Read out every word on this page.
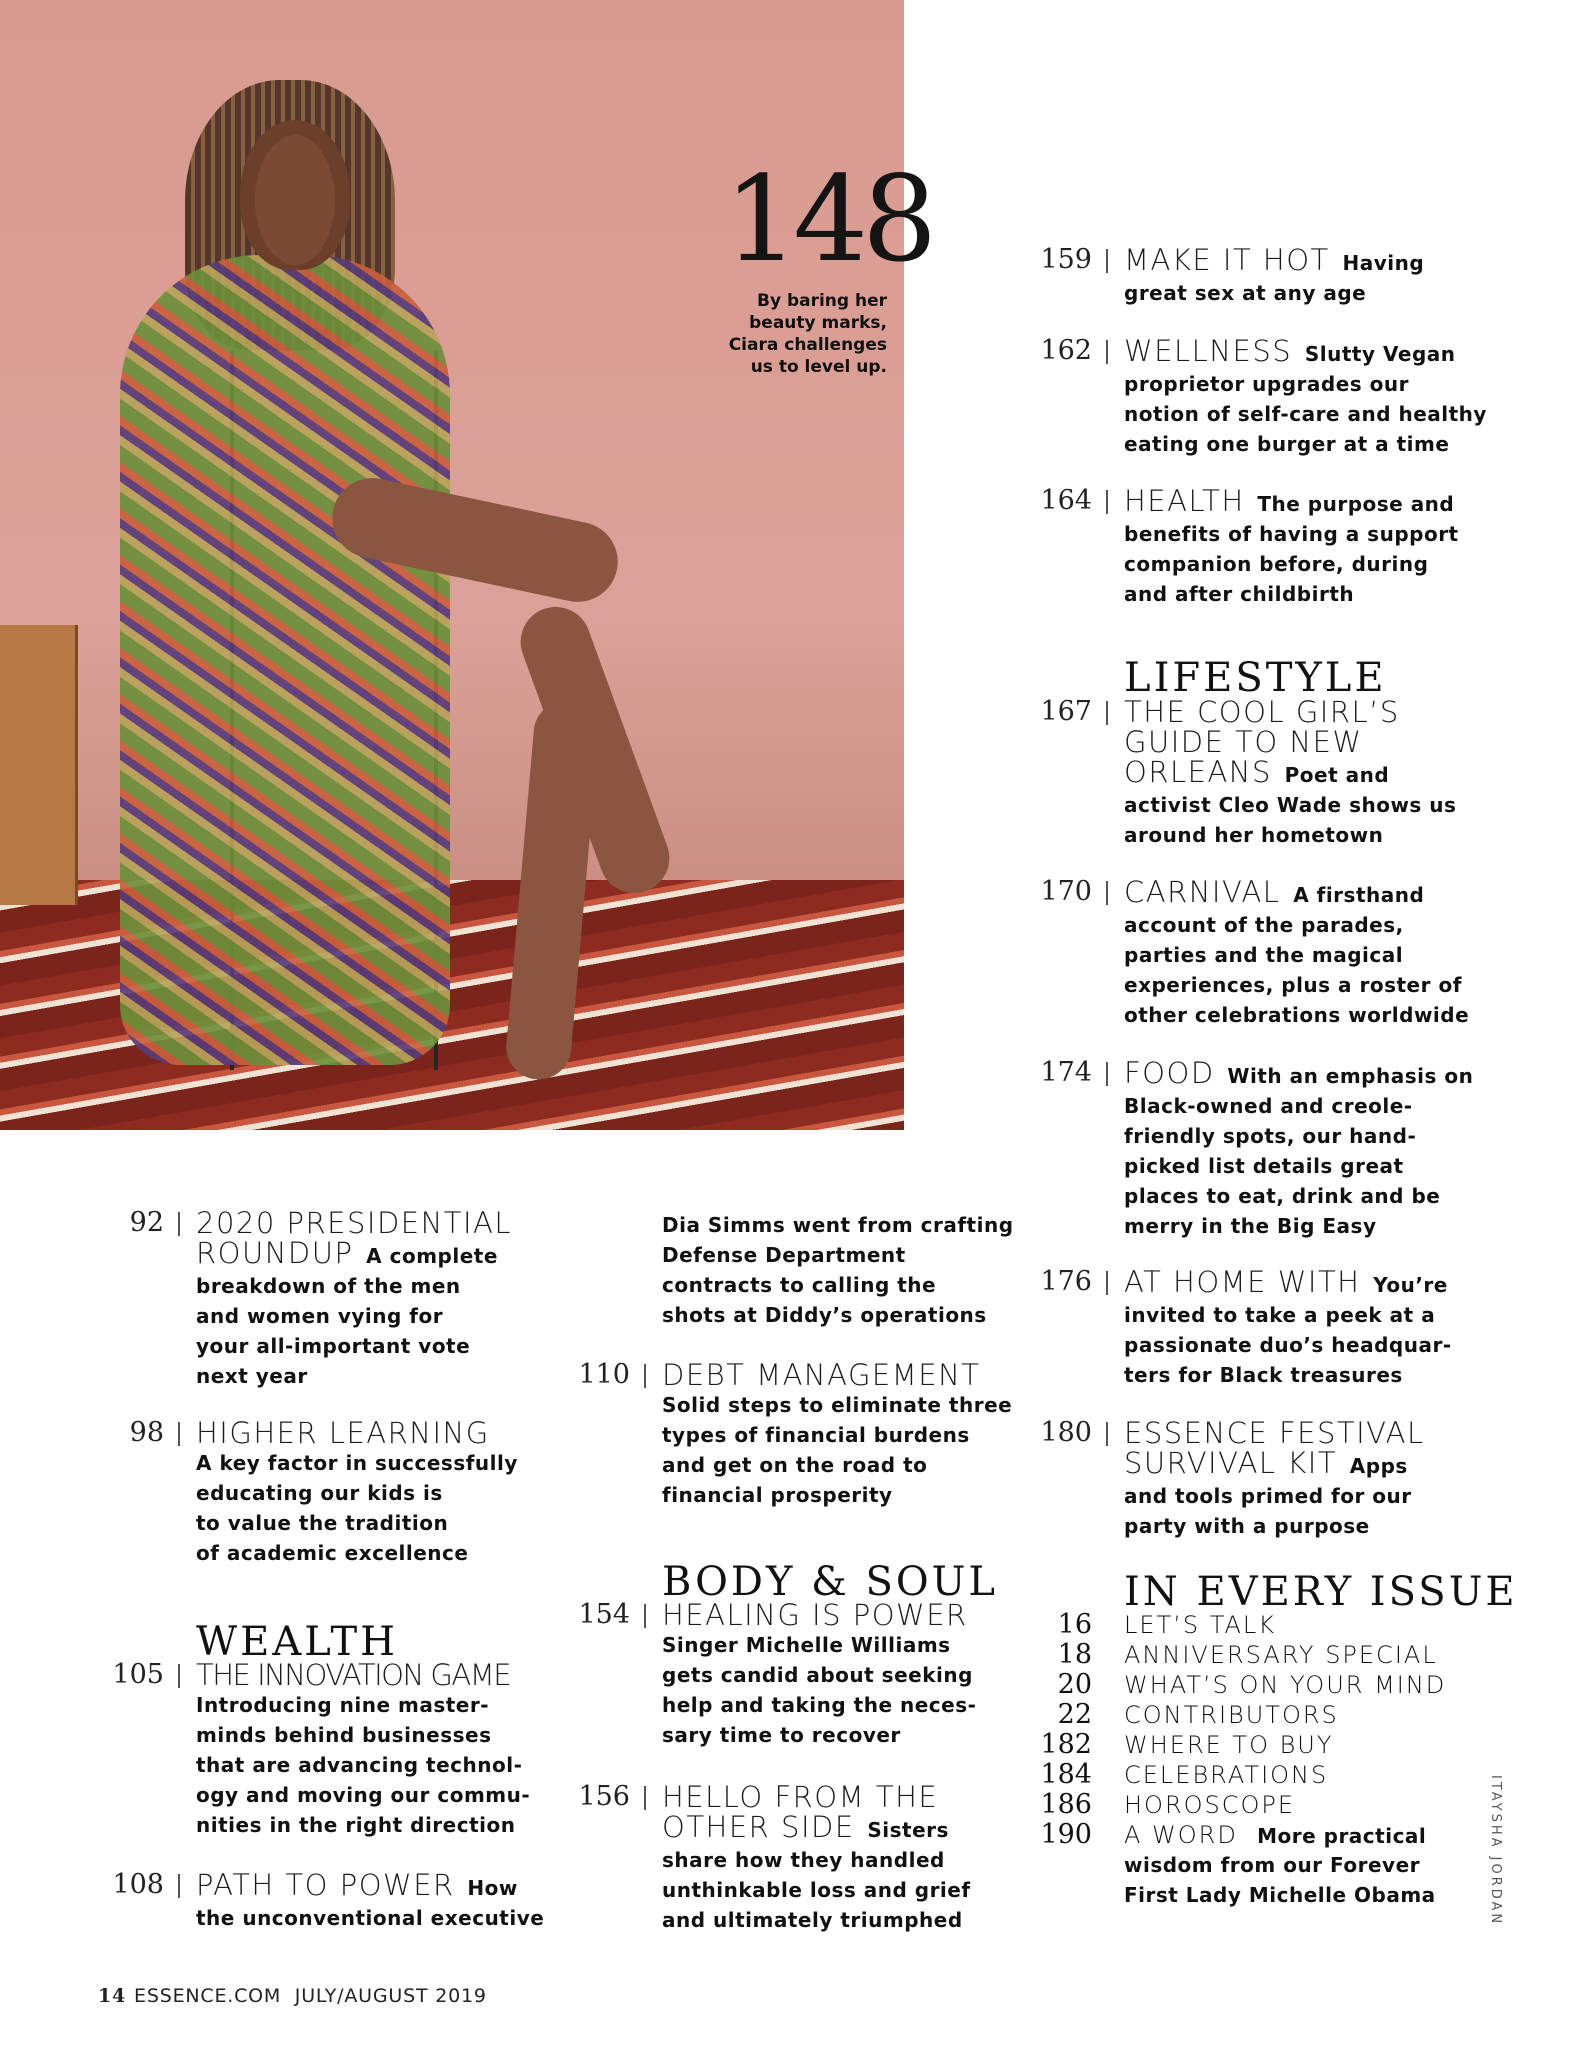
148
By baring her
beauty marks,
Ciara challenges
us to level up.
92 2020 PRESIDENTIAL
ROUNDUP A complete
breakdown of the men
and women vying for
your all-important vote
next year
98 HIGHER LEARNING
A key factor in successfully
educating our kids is
to value the tradition
of academic excellence
WEALTH
105 THE INNOVATION GAME
Introducing nine master-
minds behind businesses
that are advancing technol-
ogy and moving our commu-
nities in the right direction
108 PATH TO POWER How
the unconventional executive
Dia Simms went from crafting
Defense Department
contracts to calling the
shots at Diddy’s operations
110 DEBT MANAGEMENT
Solid steps to eliminate three
types of financial burdens
and get on the road to
financial prosperity
BODY & SOUL
154 HEALING IS POWER
Singer Michelle Williams
gets candid about seeking
help and taking the neces-
sary time to recover
156 HELLO FROM THE
OTHER SIDE Sisters
share how they handled
unthinkable loss and grief
and ultimately triumphed
159 MAKE IT HOT Having
great sex at any age
162 WELLNESS Slutty Vegan
proprietor upgrades our
notion of self-care and healthy
eating one burger at a time
164 HEALTH The purpose and
benefits of having a support
companion before, during
and after childbirth
LIFESTYLE
167 THE COOL GIRL’S
GUIDE TO NEW
ORLEANS Poet and
activist Cleo Wade shows us
around her hometown
170 CARNIVAL A firsthand
account of the parades,
parties and the magical
experiences, plus a roster of
other celebrations worldwide
174 FOOD With an emphasis on
Black-owned and creole-
friendly spots, our hand-
picked list details great
places to eat, drink and be
merry in the Big Easy
176 AT HOME WITH You’re
invited to take a peek at a
passionate duo’s headquar-
ters for Black treasures
180 ESSENCE FESTIVAL
SURVIVAL KIT Apps
and tools primed for our
party with a purpose
IN EVERY ISSUE
16 LET’S TALK
18 ANNIVERSARY SPECIAL
20 WHAT’S ON YOUR MIND
22 CONTRIBUTORS
182 WHERE TO BUY
184 CELEBRATIONS
186 HOROSCOPE
190 A WORD More practical
wisdom from our Forever
First Lady Michelle Obama
14 ESSENCE.COM  JULY/AUGUST 2019
ITAYSHA JORDAN
